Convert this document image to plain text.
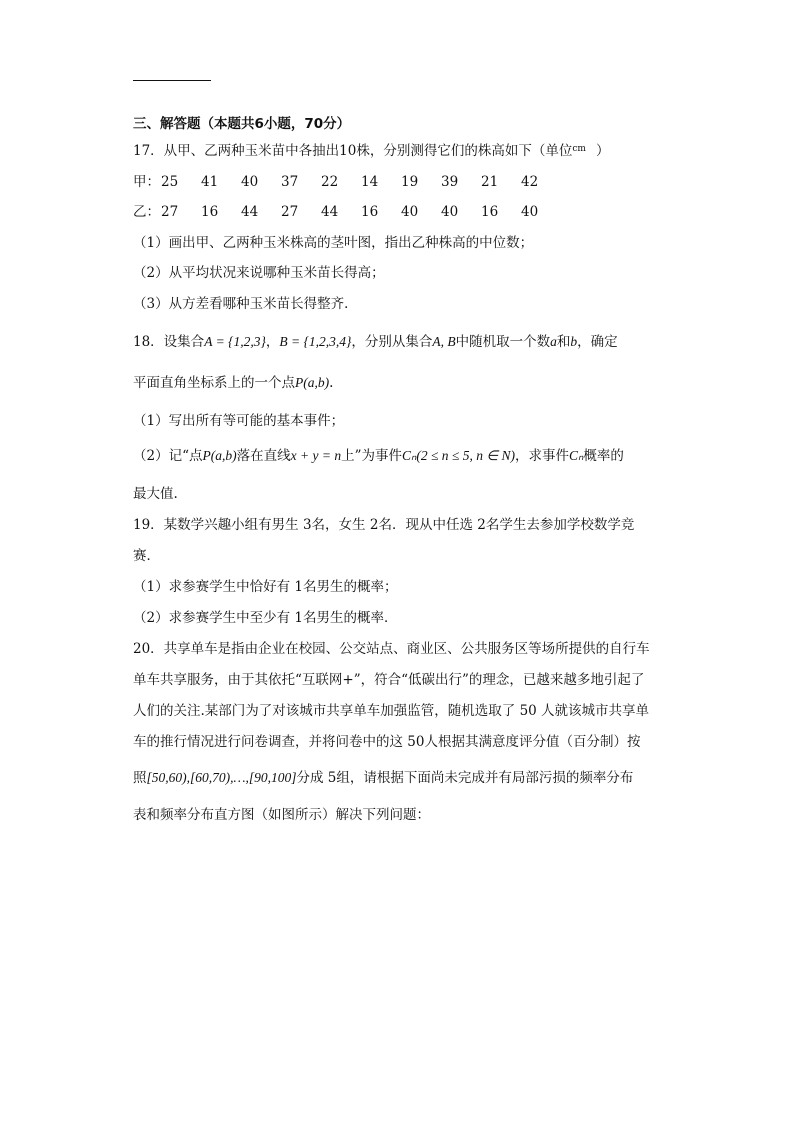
三、解答题（本题共6小题，70分）
17．从甲、乙两种玉米苗中各抽出10株，分别测得它们的株高如下（单位$^{cm}$ ）
甲：25 41 40 37 22 14 19 39 21 42
乙：27 16 44 27 44 16 40 40 16 40
（1）画出甲、乙两种玉米株高的茎叶图，指出乙种株高的中位数；
（2）从平均状况来说哪种玉米苗长得高；
（3）从方差看哪种玉米苗长得整齐．
18．设集合A = {1,2,3}，B = {1,2,3,4}，分别从集合A, B中随机取一个数a和b，确定
平面直角坐标系上的一个点P(a,b).
（1）写出所有等可能的基本事件；
（2）记“点P(a,b)落在直线x + y = n上”为事件Cₙ(2 ≤ n ≤ 5, n ∈ N)，求事件Cₙ概率的
最大值.
19．某数学兴趣小组有男生 3名，女生 2名．现从中任选 2名学生去参加学校数学竞
赛．
（1）求参赛学生中恰好有 1名男生的概率；
（2）求参赛学生中至少有 1名男生的概率．
20．共享单车是指由企业在校园、公交站点、商业区、公共服务区等场所提供的自行车
单车共享服务，由于其依托“互联网+”，符合“低碳出行”的理念，已越来越多地引起了
人们的关注.某部门为了对该城市共享单车加强监管，随机选取了 50 人就该城市共享单
车的推行情况进行问卷调查，并将问卷中的这 50人根据其满意度评分值（百分制）按
照[50,60),[60,70),…,[90,100]分成 5组，请根据下面尚未完成并有局部污损的频率分布
表和频率分布直方图（如图所示）解决下列问题：
